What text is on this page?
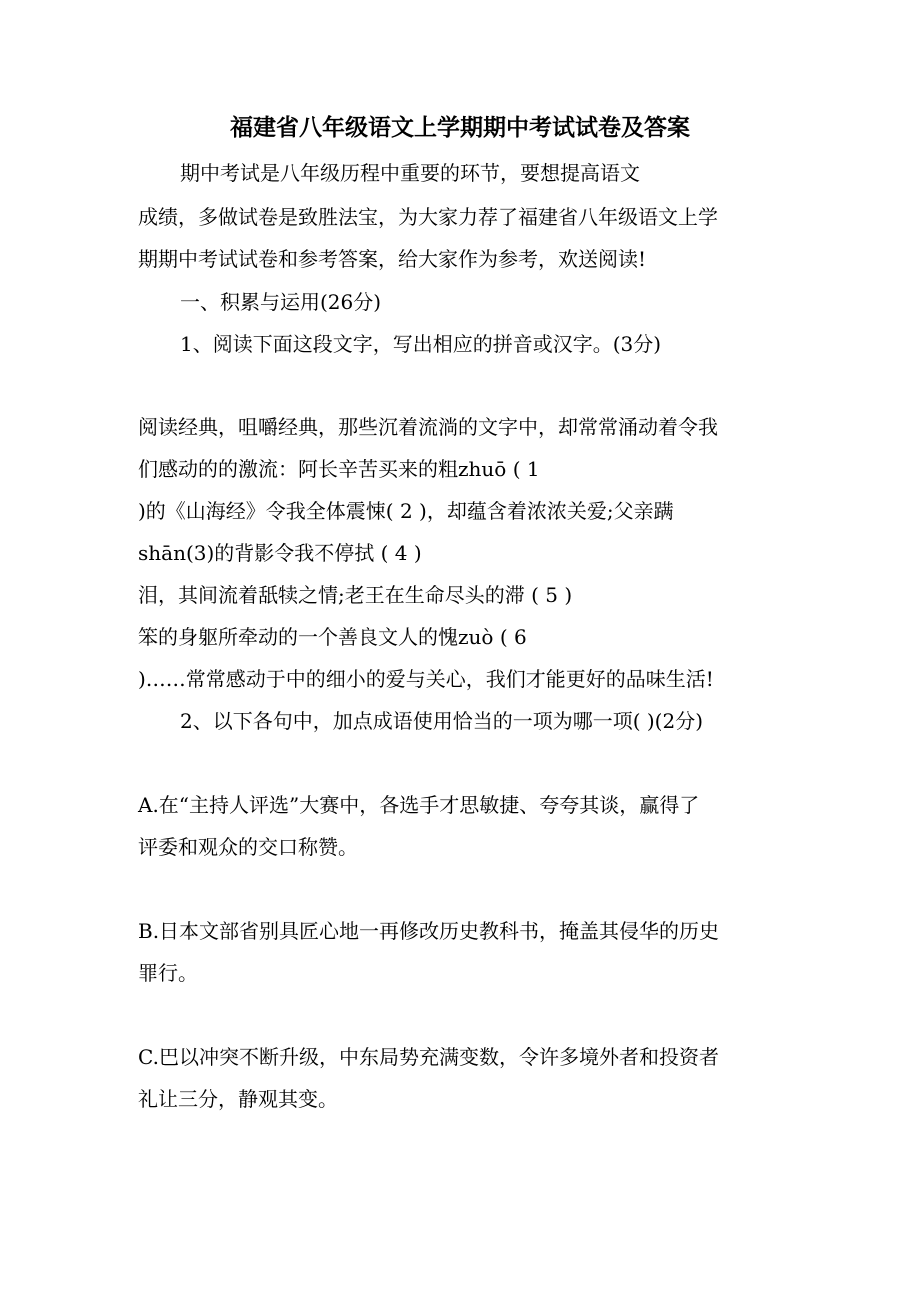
福建省八年级语文上学期期中考试试卷及答案

期中考试是八年级历程中重要的环节，要想提高语文

成绩，多做试卷是致胜法宝，为大家力荐了福建省八年级语文上学

期期中考试试卷和参考答案，给大家作为参考，欢送阅读!

一、积累与运用(26分)

1、阅读下面这段文字，写出相应的拼音或汉字。(3分)

阅读经典，咀嚼经典，那些沉着流淌的文字中，却常常涌动着令我

们感动的的激流：阿长辛苦买来的粗zhuō ( 1

)的《山海经》令我全体震悚( 2 )，却蕴含着浓浓关爱;父亲蹒

shān(3)的背影令我不停拭 ( 4 )

泪，其间流着舐犊之情;老王在生命尽头的滞 ( 5 )

笨的身躯所牵动的一个善良文人的愧zuò ( 6

)……常常感动于中的细小的爱与关心，我们才能更好的品味生活!

2、以下各句中，加点成语使用恰当的一项为哪一项( )(2分)

A.在“主持人评选”大赛中，各选手才思敏捷、夸夸其谈，赢得了

评委和观众的交口称赞。

B.日本文部省别具匠心地一再修改历史教科书，掩盖其侵华的历史

罪行。

C.巴以冲突不断升级，中东局势充满变数，令许多境外者和投资者

礼让三分，静观其变。
